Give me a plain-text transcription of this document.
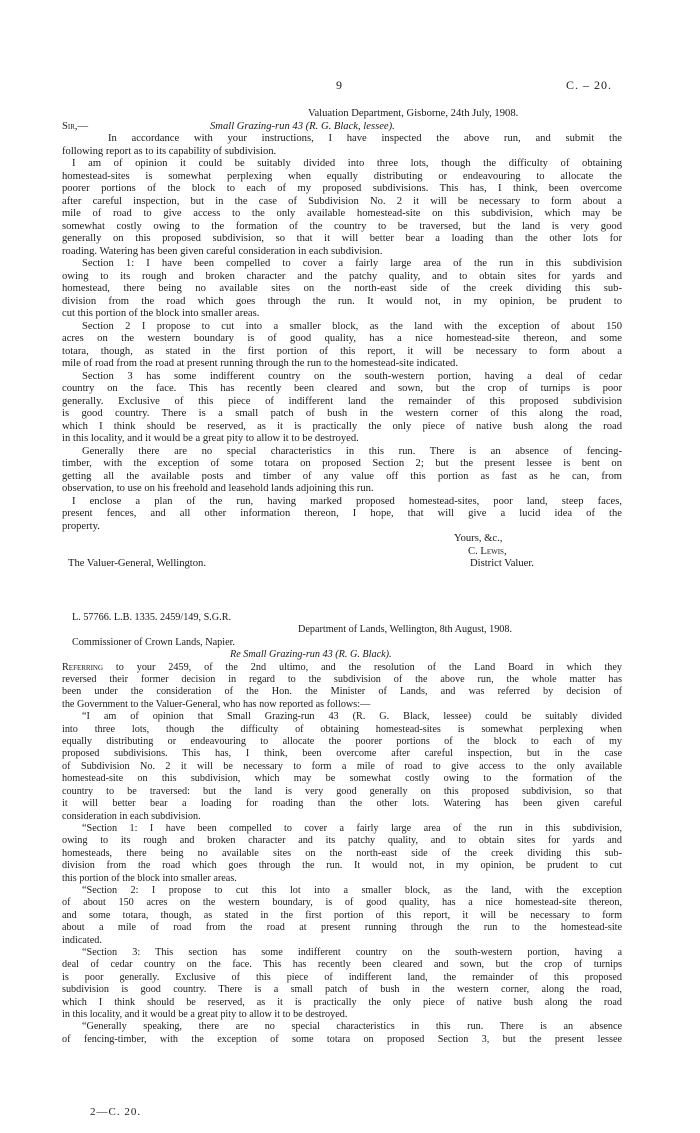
9	C. – 20.
Valuation Department, Gisborne, 24th July, 1908.
Sir,—	Small Grazing-run 43 (R. G. Black, lessee).
In accordance with your instructions, I have inspected the above run, and submit the
following report as to its capability of subdivision.
I am of opinion it could be suitably divided into three lots, though the difficulty of obtaining
homestead-sites is somewhat perplexing when equally distributing or endeavouring to allocate the
poorer portions of the block to each of my proposed subdivisions. This has, I think, been overcome
after careful inspection, but in the case of Subdivision No. 2 it will be necessary to form about a
mile of road to give access to the only available homestead-site on this subdivision, which may be
somewhat costly owing to the formation of the country to be traversed, but the land is very good
generally on this proposed subdivision, so that it will better bear a loading than the other lots for
roading. Watering has been given careful consideration in each subdivision.
Section 1: I have been compelled to cover a fairly large area of the run in this subdivision
owing to its rough and broken character and the patchy quality, and to obtain sites for yards and
homestead, there being no available sites on the north-east side of the creek dividing this sub-
division from the road which goes through the run. It would not, in my opinion, be prudent to
cut this portion of the block into smaller areas.
Section 2 I propose to cut into a smaller block, as the land with the exception of about 150
acres on the western boundary is of good quality, has a nice homestead-site thereon, and some
totara, though, as stated in the first portion of this report, it will be necessary to form about a
mile of road from the road at present running through the run to the homestead-site indicated.
Section 3 has some indifferent country on the south-western portion, having a deal of cedar
country on the face. This has recently been cleared and sown, but the crop of turnips is poor
generally. Exclusive of this piece of indifferent land the remainder of this proposed subdivision
is good country. There is a small patch of bush in the western corner of this along the road,
which I think should be reserved, as it is practically the only piece of native bush along the road
in this locality, and it would be a great pity to allow it to be destroyed.
Generally there are no special characteristics in this run. There is an absence of fencing-
timber, with the exception of some totara on proposed Section 2; but the present lessee is bent on
getting all the available posts and timber of any value off this portion as fast as he can, from
observation, to use on his freehold and leasehold lands adjoining this run.
I enclose a plan of the run, having marked proposed homestead-sites, poor land, steep faces,
present fences, and all other information thereon, I hope, that will give a lucid idea of the
property.
Yours, &c.,
C. Lewis,
The Valuer-General, Wellington.	District Valuer.
L. 57766. L.B. 1335. 2459/149, S.G.R.
Department of Lands, Wellington, 8th August, 1908.
Commissioner of Crown Lands, Napier.
Re Small Grazing-run 43 (R. G. Black).
Referring to your 2459, of the 2nd ultimo, and the resolution of the Land Board in which they
reversed their former decision in regard to the subdivision of the above run, the whole matter has
been under the consideration of the Hon. the Minister of Lands, and was referred by decision of
the Government to the Valuer-General, who has now reported as follows:—
“I am of opinion that Small Grazing-run 43 (R. G. Black, lessee) could be suitably divided
into three lots, though the difficulty of obtaining homestead-sites is somewhat perplexing when
equally distributing or endeavouring to allocate the poorer portions of the block to each of my
proposed subdivisions. This has, I think, been overcome after careful inspection, but in the case
of Subdivision No. 2 it will be necessary to form a mile of road to give access to the only available
homestead-site on this subdivision, which may be somewhat costly owing to the formation of the
country to be traversed: but the land is very good generally on this proposed subdivision, so that
it will better bear a loading for roading than the other lots. Watering has been given careful
consideration in each subdivision.
“Section 1: I have been compelled to cover a fairly large area of the run in this subdivision,
owing to its rough and broken character and its patchy quality, and to obtain sites for yards and
homesteads, there being no available sites on the north-east side of the creek dividing this sub-
division from the road which goes through the run. It would not, in my opinion, be prudent to cut
this portion of the block into smaller areas.
“Section 2: I propose to cut this lot into a smaller block, as the land, with the exception
of about 150 acres on the western boundary, is of good quality, has a nice homestead-site thereon,
and some totara, though, as stated in the first portion of this report, it will be necessary to form
about a mile of road from the road at present running through the run to the homestead-site
indicated.
“Section 3: This section has some indifferent country on the south-western portion, having a
deal of cedar country on the face. This has recently been cleared and sown, but the crop of turnips
is poor generally. Exclusive of this piece of indifferent land, the remainder of this proposed
subdivision is good country. There is a small patch of bush in the western corner, along the road,
which I think should be reserved, as it is practically the only piece of native bush along the road
in this locality, and it would be a great pity to allow it to be destroyed.
“Generally speaking, there are no special characteristics in this run. There is an absence
of fencing-timber, with the exception of some totara on proposed Section 3, but the present lessee
2—C. 20.
